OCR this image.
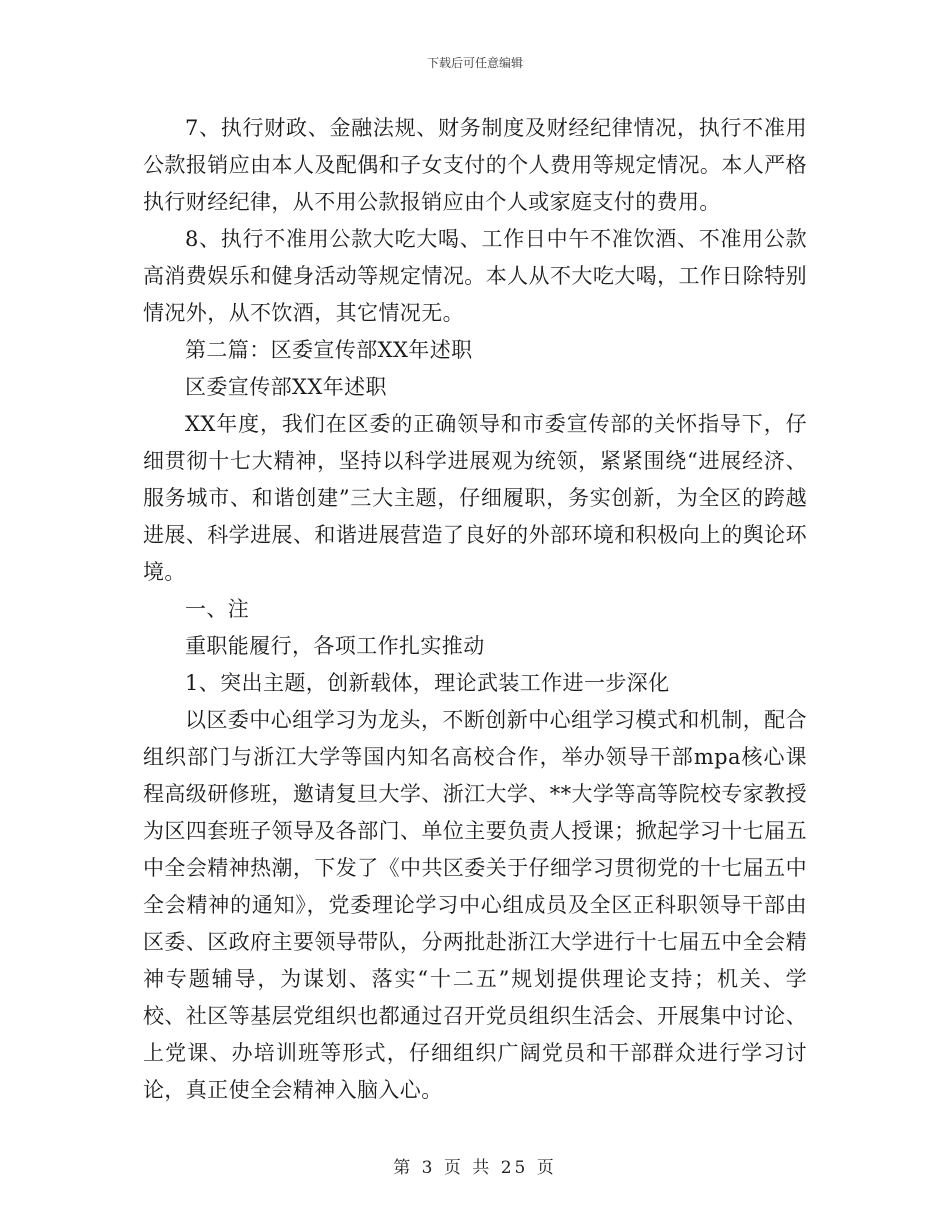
下载后可任意编辑

7、执行财政、金融法规、财务制度及财经纪律情况，执行不准用公款报销应由本人及配偶和子女支付的个人费用等规定情况。本人严格执行财经纪律，从不用公款报销应由个人或家庭支付的费用。

8、执行不准用公款大吃大喝、工作日中午不准饮酒、不准用公款高消费娱乐和健身活动等规定情况。本人从不大吃大喝，工作日除特别情况外，从不饮酒，其它情况无。

第二篇：区委宣传部XX年述职

区委宣传部XX年述职

XX年度，我们在区委的正确领导和市委宣传部的关怀指导下，仔细贯彻十七大精神，坚持以科学进展观为统领，紧紧围绕“进展经济、服务城市、和谐创建”三大主题，仔细履职，务实创新，为全区的跨越进展、科学进展、和谐进展营造了良好的外部环境和积极向上的舆论环境。

一、注

重职能履行，各项工作扎实推动

1、突出主题，创新载体，理论武装工作进一步深化

以区委中心组学习为龙头，不断创新中心组学习模式和机制，配合组织部门与浙江大学等国内知名高校合作，举办领导干部mpa核心课程高级研修班，邀请复旦大学、浙江大学、**大学等高等院校专家教授为区四套班子领导及各部门、单位主要负责人授课；掀起学习十七届五中全会精神热潮，下发了《中共区委关于仔细学习贯彻党的十七届五中全会精神的通知》，党委理论学习中心组成员及全区正科职领导干部由区委、区政府主要领导带队，分两批赴浙江大学进行十七届五中全会精神专题辅导，为谋划、落实“十二五”规划提供理论支持；机关、学校、社区等基层党组织也都通过召开党员组织生活会、开展集中讨论、上党课、办培训班等形式，仔细组织广阔党员和干部群众进行学习讨论，真正使全会精神入脑入心。

第 3 页 共 25 页
